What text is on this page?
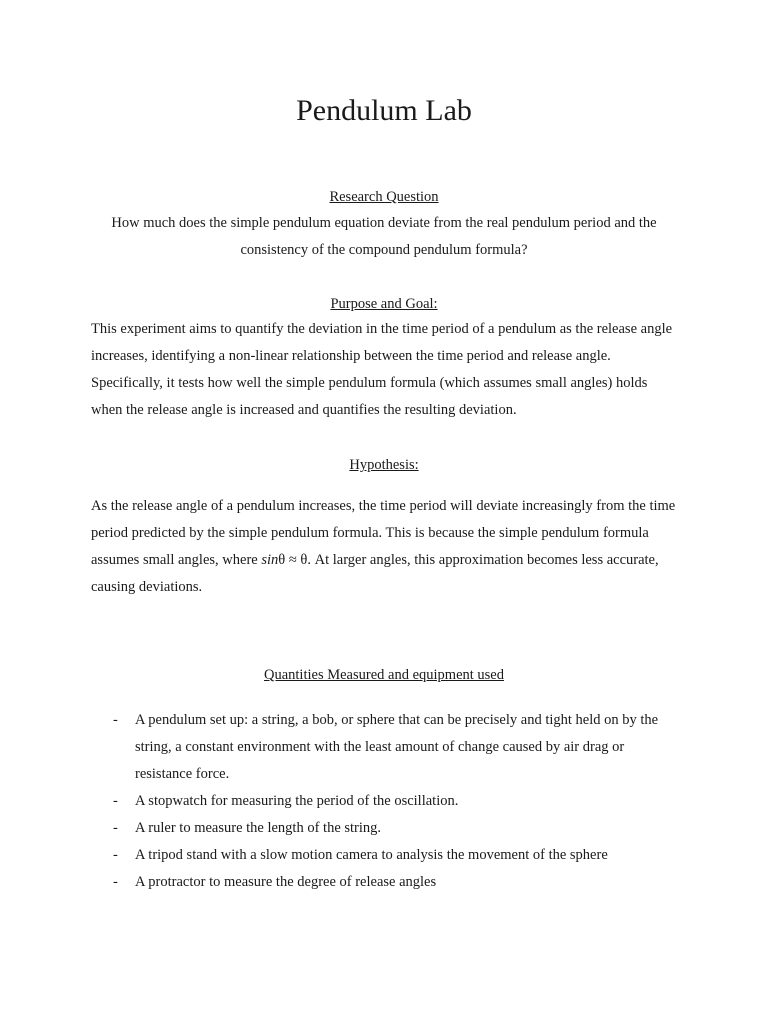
Pendulum Lab
Research Question

How much does the simple pendulum equation deviate from the real pendulum period and the consistency of the compound pendulum formula?

Purpose and Goal:

This experiment aims to quantify the deviation in the time period of a pendulum as the release angle increases, identifying a non-linear relationship between the time period and release angle. Specifically, it tests how well the simple pendulum formula (which assumes small angles) holds when the release angle is increased and quantifies the resulting deviation.

Hypothesis:

As the release angle of a pendulum increases, the time period will deviate increasingly from the time period predicted by the simple pendulum formula. This is because the simple pendulum formula assumes small angles, where sinθ ≈ θ. At larger angles, this approximation becomes less accurate, causing deviations.

Quantities Measured and equipment used
- A pendulum set up: a string, a bob, or sphere that can be precisely and tight held on by the string, a constant environment with the least amount of change caused by air drag or resistance force.
- A stopwatch for measuring the period of the oscillation.
- A ruler to measure the length of the string.
- A tripod stand with a slow motion camera to analysis the movement of the sphere
- A protractor to measure the degree of release angles
